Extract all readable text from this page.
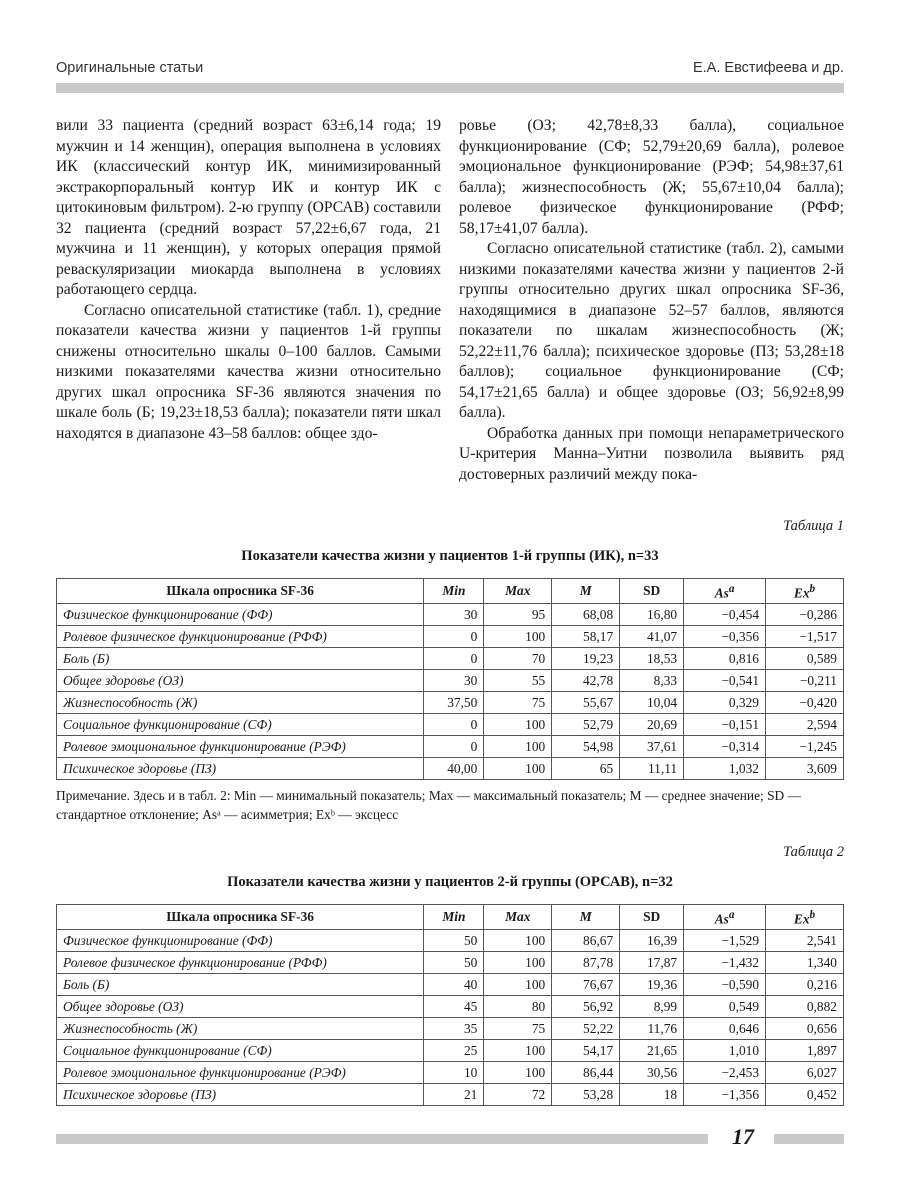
Оригинальные статьи	Е.А. Евстифеева и др.

вили 33 пациента (средний возраст 63±6,14 года; 19 мужчин и 14 женщин), операция выполнена в условиях ИК (классический контур ИК, минимизированный экстракорпоральный контур ИК и контур ИК с цитокиновым фильтром). 2-ю группу (ОРСАВ) составили 32 пациента (средний возраст 57,22±6,67 года, 21 мужчина и 11 женщин), у которых операция прямой реваскуляризации миокарда выполнена в условиях работающего сердца.

Согласно описательной статистике (табл. 1), средние показатели качества жизни у пациентов 1-й группы снижены относительно шкалы 0–100 баллов. Самыми низкими показателями качества жизни относительно других шкал опросника SF-36 являются значения по шкале боль (Б; 19,23±18,53 балла); показатели пяти шкал находятся в диапазоне 43–58 баллов: общее здо-

ровье (ОЗ; 42,78±8,33 балла), социальное функционирование (СФ; 52,79±20,69 балла), ролевое эмоциональное функционирование (РЭФ; 54,98±37,61 балла); жизнеспособность (Ж; 55,67±10,04 балла); ролевое физическое функционирование (РФФ; 58,17±41,07 балла).

Согласно описательной статистике (табл. 2), самыми низкими показателями качества жизни у пациентов 2-й группы относительно других шкал опросника SF-36, находящимися в диапазоне 52–57 баллов, являются показатели по шкалам жизнеспособность (Ж; 52,22±11,76 балла); психическое здоровье (ПЗ; 53,28±18 баллов); социальное функционирование (СФ; 54,17±21,65 балла) и общее здоровье (ОЗ; 56,92±8,99 балла).

Обработка данных при помощи непараметрического U-критерия Манна–Уитни позволила выявить ряд достоверных различий между пока-

Таблица 1
Показатели качества жизни у пациентов 1-й группы (ИК), n=33
Шкала опросника SF-36	Min	Max	M	SD	As$^a$	Ex$^b$
Физическое функционирование (ФФ)	30	95	68,08	16,80	−0,454	−0,286
Ролевое физическое функционирование (РФФ)	0	100	58,17	41,07	−0,356	−1,517
Боль (Б)	0	70	19,23	18,53	0,816	0,589
Общее здоровье (ОЗ)	30	55	42,78	8,33	−0,541	−0,211
Жизнеспособность (Ж)	37,50	75	55,67	10,04	0,329	−0,420
Социальное функционирование (СФ)	0	100	52,79	20,69	−0,151	2,594
Ролевое эмоциональное функционирование (РЭФ)	0	100	54,98	37,61	−0,314	−1,245
Психическое здоровье (ПЗ)	40,00	100	65	11,11	1,032	3,609
Примечание. Здесь и в табл. 2: Min — минимальный показатель; Max — максимальный показатель; M — среднее значение; SD — стандартное отклонение; Asᵃ — асимметрия; Exᵇ — эксцесс
Таблица 2
Показатели качества жизни у пациентов 2-й группы (ОРСАВ), n=32
Шкала опросника SF-36	Min	Max	M	SD	As$^a$	Ex$^b$
Физическое функционирование (ФФ)	50	100	86,67	16,39	−1,529	2,541
Ролевое физическое функционирование (РФФ)	50	100	87,78	17,87	−1,432	1,340
Боль (Б)	40	100	76,67	19,36	−0,590	0,216
Общее здоровье (ОЗ)	45	80	56,92	8,99	0,549	0,882
Жизнеспособность (Ж)	35	75	52,22	11,76	0,646	0,656
Социальное функционирование (СФ)	25	100	54,17	21,65	1,010	1,897
Ролевое эмоциональное функционирование (РЭФ)	10	100	86,44	30,56	−2,453	6,027
Психическое здоровье (ПЗ)	21	72	53,28	18	−1,356	0,452
17
